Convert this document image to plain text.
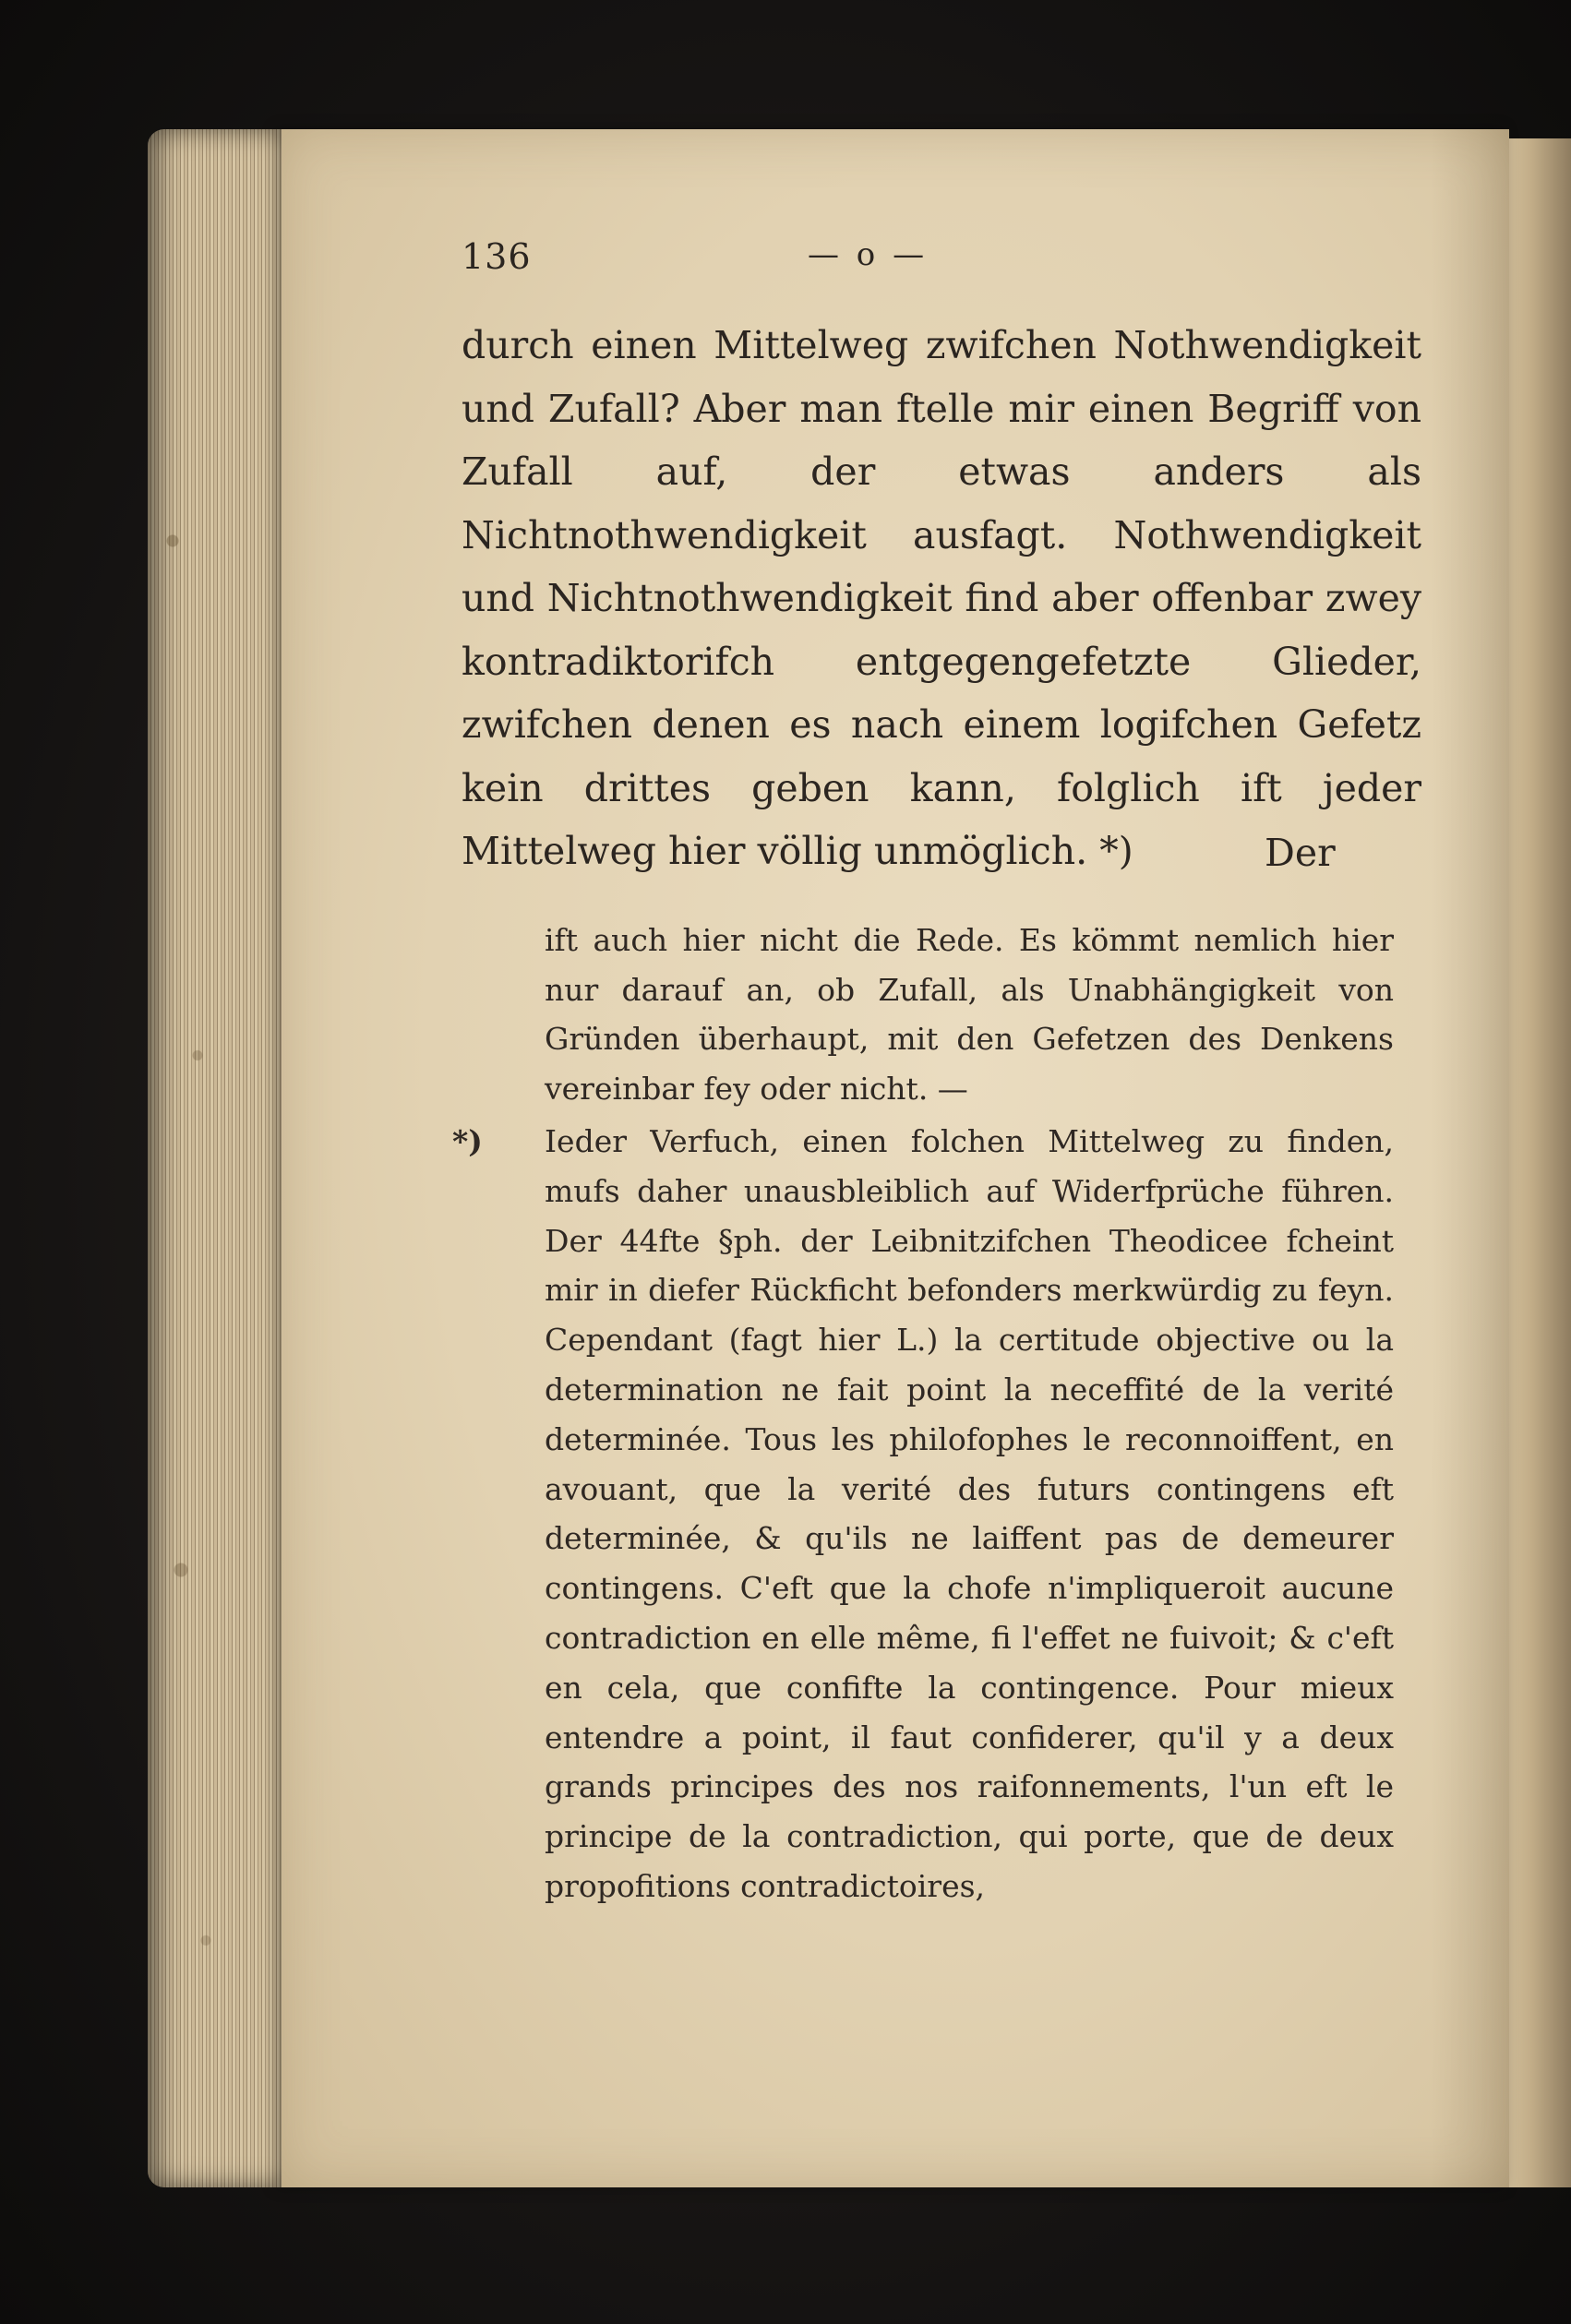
136	— o —

durch einen Mittelweg zwifchen Nothwendigkeit und Zufall? Aber man ftelle mir einen Begriff von Zufall auf, der etwas anders als Nichtnothwendigkeit ausfagt. Nothwendigkeit und Nichtnothwendigkeit find aber offenbar zwey kontradiktorifch entgegengefetzte Glieder, zwifchen denen es nach einem logifchen Gefetz kein drittes geben kann, folglich ift jeder Mittelweg hier völlig unmöglich. *)	Der

ift auch hier nicht die Rede. Es kömmt nemlich hier nur darauf an, ob Zufall, als Unabhängigkeit von Gründen überhaupt, mit den Gefetzen des Denkens vereinbar fey oder nicht. —

*) Ieder Verfuch, einen folchen Mittelweg zu finden, mufs daher unausbleiblich auf Widerfprüche führen. Der 44fte §ph. der Leibnitzifchen Theodicee fcheint mir in diefer Rückficht befonders merkwürdig zu feyn. Cependant (fagt hier L.) la certitude objective ou la determination ne fait point la neceffité de la verité determinée. Tous les philofophes le reconnoiffent, en avouant, que la verité des futurs contingens eft determinée, & qu'ils ne laiffent pas de demeurer contingens. C'eft que la chofe n'impliqueroit aucune contradiction en elle même, fi l'effet ne fuivoit; & c'eft en cela, que confifte la contingence. Pour mieux entendre a point, il faut confiderer, qu'il y a deux grands principes des nos raifonnements, l'un eft le principe de la contradiction, qui porte, que de deux propofitions contradictoires,
